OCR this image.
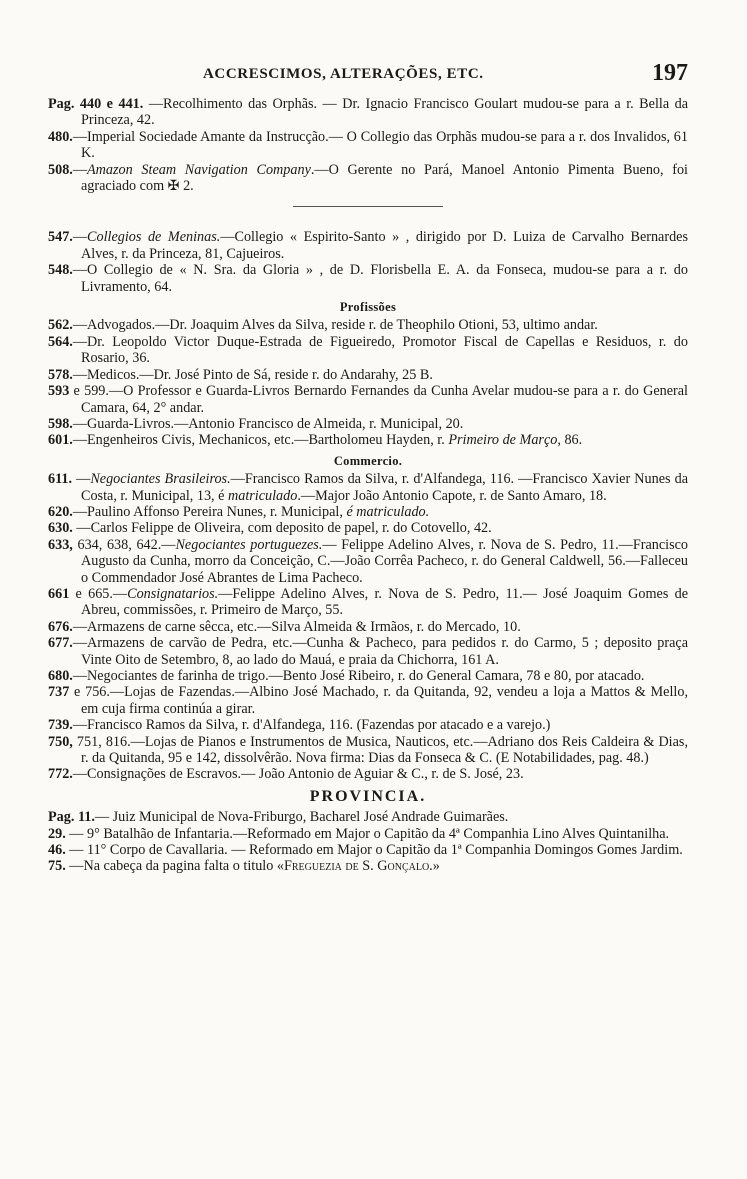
ACCRESCIMOS, ALTERAÇÕES, ETC.	197

Pag. 440 e 441. —Recolhimento das Orphãs. — Dr. Ignacio Francisco Goulart mudou-se para a r. Bella da Princeza, 42.

480.—Imperial Sociedade Amante da Instrucção.— O Collegio das Orphãs mudou-se para a r. dos Invalidos, 61 K.

508.—Amazon Steam Navigation Company.—O Gerente no Pará, Manoel Antonio Pimenta Bueno, foi agraciado com ✠ 2.

547.—Collegios de Meninas.—Collegio « Espirito-Santo » , dirigido por D. Luiza de Carvalho Bernardes Alves, r. da Princeza, 81, Cajueiros.

548.—O Collegio de « N. Sra. da Gloria » , de D. Florisbella E. A. da Fonseca, mudou-se para a r. do Livramento, 64.

Profissões

562.—Advogados.—Dr. Joaquim Alves da Silva, reside r. de Theophilo Otioni, 53, ultimo andar.

564.—Dr. Leopoldo Victor Duque-Estrada de Figueiredo, Promotor Fiscal de Capellas e Residuos, r. do Rosario, 36.

578.—Medicos.—Dr. José Pinto de Sá, reside r. do Andarahy, 25 B.

593 e 599.—O Professor e Guarda-Livros Bernardo Fernandes da Cunha Avelar mudou-se para a r. do General Camara, 64, 2° andar.

598.—Guarda-Livros.—Antonio Francisco de Almeida, r. Municipal, 20.

601.—Engenheiros Civis, Mechanicos, etc.—Bartholomeu Hayden, r. Primeiro de Março, 86.

Commercio.

611. —Negociantes Brasileiros.—Francisco Ramos da Silva, r. d'Alfandega, 116. —Francisco Xavier Nunes da Costa, r. Municipal, 13, é matriculado.—Major João Antonio Capote, r. de Santo Amaro, 18.

620.—Paulino Affonso Pereira Nunes, r. Municipal, é matriculado.

630. —Carlos Felippe de Oliveira, com deposito de papel, r. do Cotovello, 42.

633, 634, 638, 642.—Negociantes portuguezes.— Felippe Adelino Alves, r. Nova de S. Pedro, 11.—Francisco Augusto da Cunha, morro da Conceição, C.—João Corrêa Pacheco, r. do General Caldwell, 56.—Falleceu o Commendador José Abrantes de Lima Pacheco.

661 e 665.—Consignatarios.—Felippe Adelino Alves, r. Nova de S. Pedro, 11.— José Joaquim Gomes de Abreu, commissões, r. Primeiro de Março, 55.

676.—Armazens de carne sêcca, etc.—Silva Almeida & Irmãos, r. do Mercado, 10.

677.—Armazens de carvão de Pedra, etc.—Cunha & Pacheco, para pedidos r. do Carmo, 5 ; deposito praça Vinte Oito de Setembro, 8, ao lado do Mauá, e praia da Chichorra, 161 A.

680.—Negociantes de farinha de trigo.—Bento José Ribeiro, r. do General Camara, 78 e 80, por atacado.

737 e 756.—Lojas de Fazendas.—Albino José Machado, r. da Quitanda, 92, vendeu a loja a Mattos & Mello, em cuja firma continúa a girar.

739.—Francisco Ramos da Silva, r. d'Alfandega, 116. (Fazendas por atacado e a varejo.)

750, 751, 816.—Lojas de Pianos e Instrumentos de Musica, Nauticos, etc.—Adriano dos Reis Caldeira & Dias, r. da Quitanda, 95 e 142, dissolvêrão. Nova firma: Dias da Fonseca & C. (E Notabilidades, pag. 48.)

772.—Consignações de Escravos.— João Antonio de Aguiar & C., r. de S. José, 23.

PROVINCIA.

Pag. 11.— Juiz Municipal de Nova-Friburgo, Bacharel José Andrade Guimarães.

29. — 9° Batalhão de Infantaria.—Reformado em Major o Capitão da 4ª Companhia Lino Alves Quintanilha.

46. — 11° Corpo de Cavallaria. — Reformado em Major o Capitão da 1ª Companhia Domingos Gomes Jardim.

75. —Na cabeça da pagina falta o titulo «Freguezia de S. Gonçalo.»
